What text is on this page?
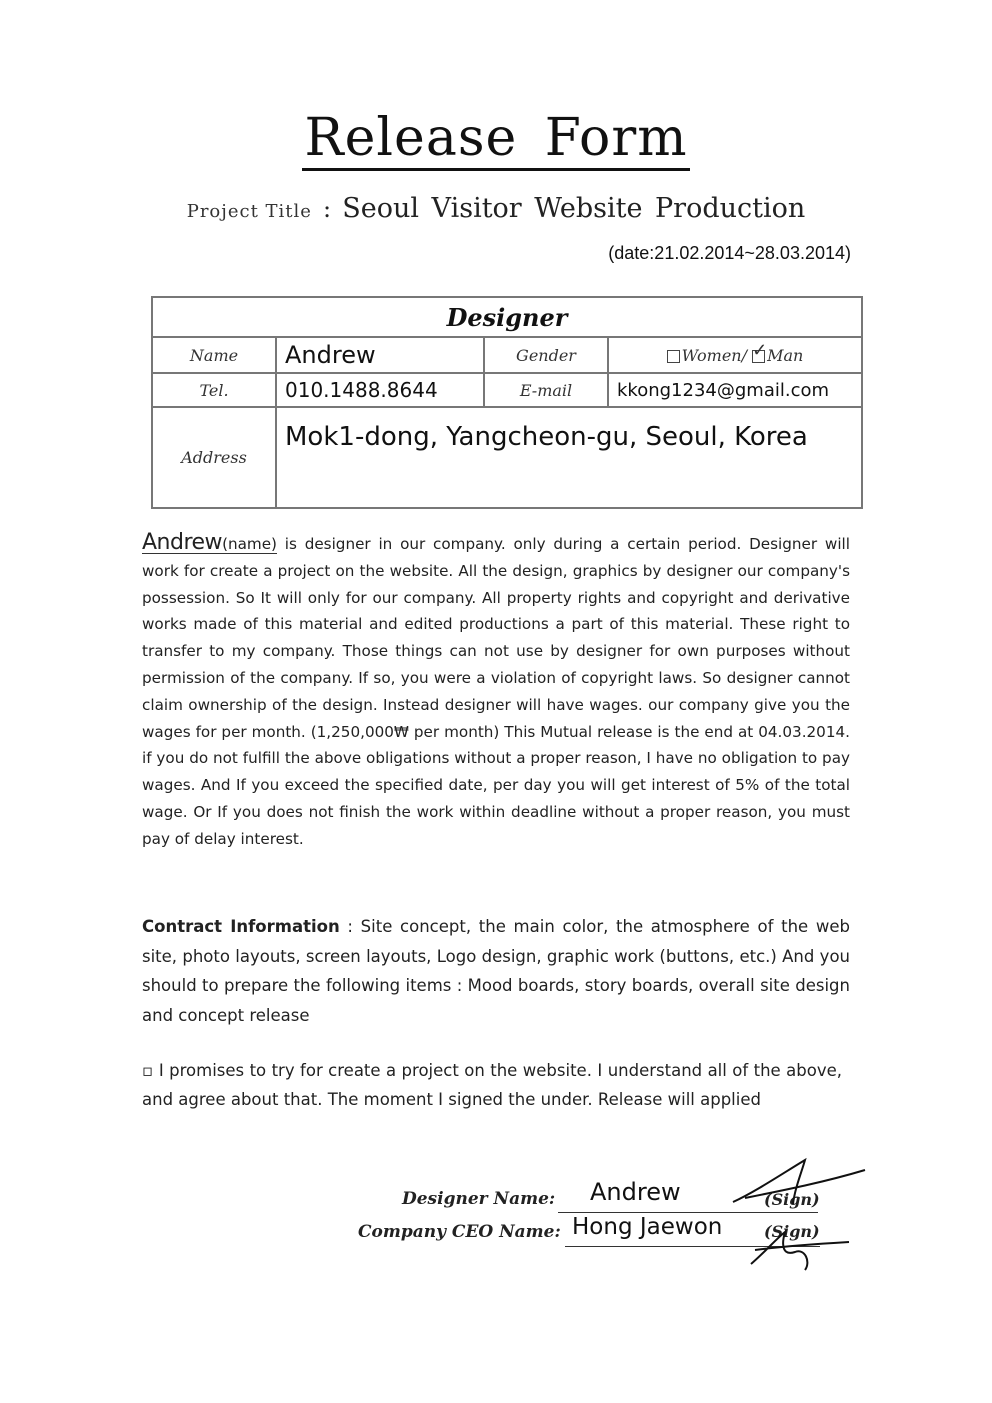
Release Form
Project Title : Seoul Visitor Website Production
(date:21.02.2014~28.03.2014)
Designer			
Name	Andrew	Gender	Women/ ✓ Man
Tel.	010.1488.8644	E-mail	kkong1234@gmail.com
Address	Mok1-dong, Yangcheon-gu, Seoul, Korea		
Andrew(name) is designer in our company. only during a certain period. Designer will work for create a project on the website. All the design, graphics by designer our company's possession. So It will only for our company. All property rights and copyright and derivative works made of this material and edited productions a part of this material. These right to transfer to my company. Those things can not use by designer for own purposes without permission of the company. If so, you were a violation of copyright laws. So designer cannot claim ownership of the design. Instead designer will have wages. our company give you the wages for per month. (1,250,000₩ per month) This Mutual release is the end at 04.03.2014. if you do not fulfill the above obligations without a proper reason, I have no obligation to pay wages. And If you exceed the specified date, per day you will get interest of 5% of the total wage. Or If you does not finish the work within deadline without a proper reason, you must pay of delay interest.
Contract Information : Site concept, the main color, the atmosphere of the web site, photo layouts, screen layouts, Logo design, graphic work (buttons, etc.) And you should to prepare the following items : Mood boards, story boards, overall site design and concept release
▫ I promises to try for create a project on the website. I understand all of the above, and agree about that. The moment I signed the under. Release will applied
Designer Name: Andrew	(Sign)
Company CEO Name: Hong Jaewon	(Sign)
